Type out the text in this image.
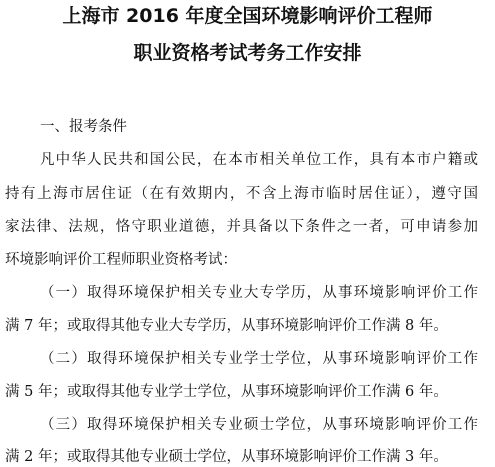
上海市 2016 年度全国环境影响评价工程师
职业资格考试考务工作安排

一、报考条件

凡中华人民共和国公民，在本市相关单位工作，具有本市户籍或

持有上海市居住证（在有效期内，不含上海市临时居住证），遵守国

家法律、法规，恪守职业道德，并具备以下条件之一者，可申请参加

环境影响评价工程师职业资格考试：

（一）取得环境保护相关专业大专学历，从事环境影响评价工作

满 7 年；或取得其他专业大专学历，从事环境影响评价工作满 8 年。

（二）取得环境保护相关专业学士学位，从事环境影响评价工作

满 5 年；或取得其他专业学士学位，从事环境影响评价工作满 6 年。

（三）取得环境保护相关专业硕士学位，从事环境影响评价工作

满 2 年；或取得其他专业硕士学位，从事环境影响评价工作满 3 年。
